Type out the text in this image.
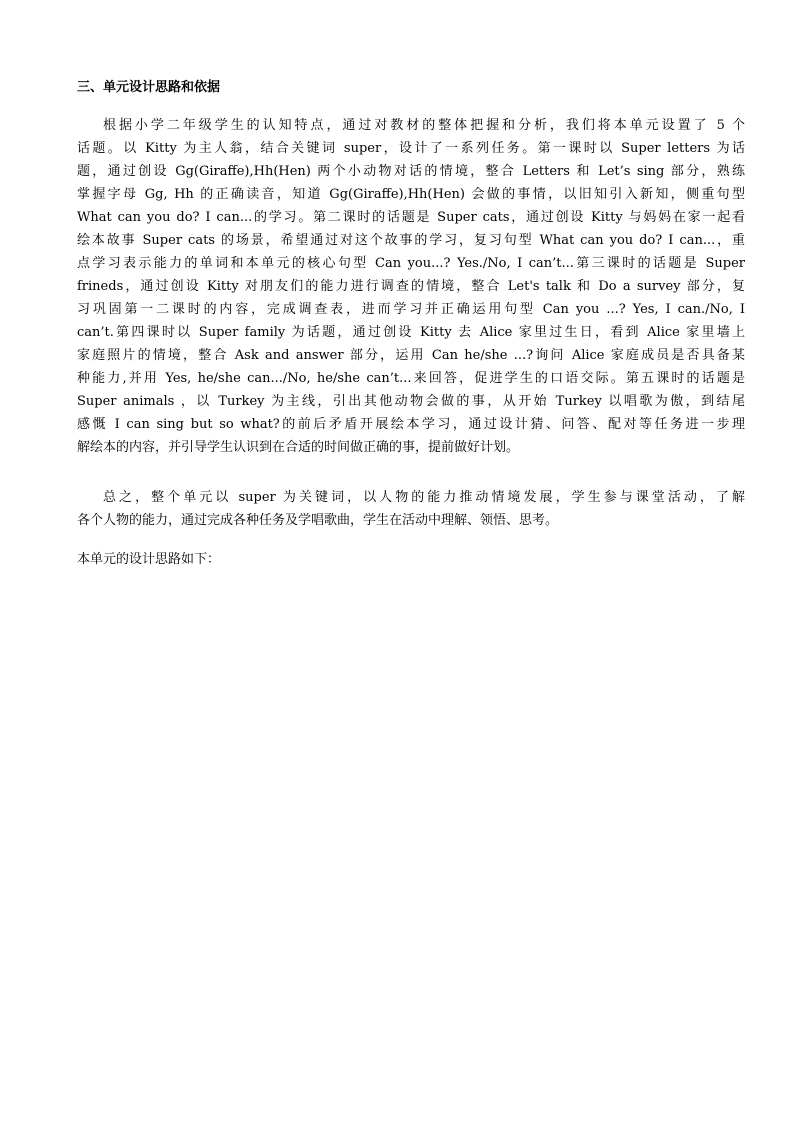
三、单元设计思路和依据
根据小学二年级学生的认知特点，通过对教材的整体把握和分析，我们将本单元设置了 5 个
话题。以 Kitty 为主人翁，结合关键词 super，设计了一系列任务。第一课时以 Super letters 为话
题，通过创设 Gg(Giraffe),Hh(Hen) 两个小动物对话的情境，整合 Letters 和 Let’s sing 部分，熟练
掌握字母 Gg, Hh 的正确读音，知道 Gg(Giraffe),Hh(Hen) 会做的事情，以旧知引入新知，侧重句型
What can you do? I can...的学习。第二课时的话题是 Super cats，通过创设 Kitty 与妈妈在家一起看
绘本故事 Super cats 的场景，希望通过对这个故事的学习，复习句型 What can you do? I can...，重
点学习表示能力的单词和本单元的核心句型 Can you...? Yes./No, I can’t...第三课时的话题是 Super
frineds，通过创设 Kitty 对朋友们的能力进行调查的情境，整合 Let's talk 和 Do a survey 部分，复
习巩固第一二课时的内容，完成调查表，进而学习并正确运用句型 Can you ...? Yes, I can./No, I
can’t.第四课时以 Super family 为话题，通过创设 Kitty 去 Alice 家里过生日，看到 Alice 家里墙上
家庭照片的情境，整合 Ask and answer 部分，运用 Can he/she ...?询问 Alice 家庭成员是否具备某
种能力,并用 Yes, he/she can.../No, he/she can’t...来回答，促进学生的口语交际。第五课时的话题是
Super animals ，以 Turkey 为主线，引出其他动物会做的事，从开始 Turkey 以唱歌为傲，到结尾
感慨 I can sing but so what?的前后矛盾开展绘本学习，通过设计猜、问答、配对等任务进一步理
解绘本的内容，并引导学生认识到在合适的时间做正确的事，提前做好计划。
总之，整个单元以 super 为关键词，以人物的能力推动情境发展，学生参与课堂活动，了解
各个人物的能力，通过完成各种任务及学唱歌曲，学生在活动中理解、领悟、思考。
本单元的设计思路如下：
